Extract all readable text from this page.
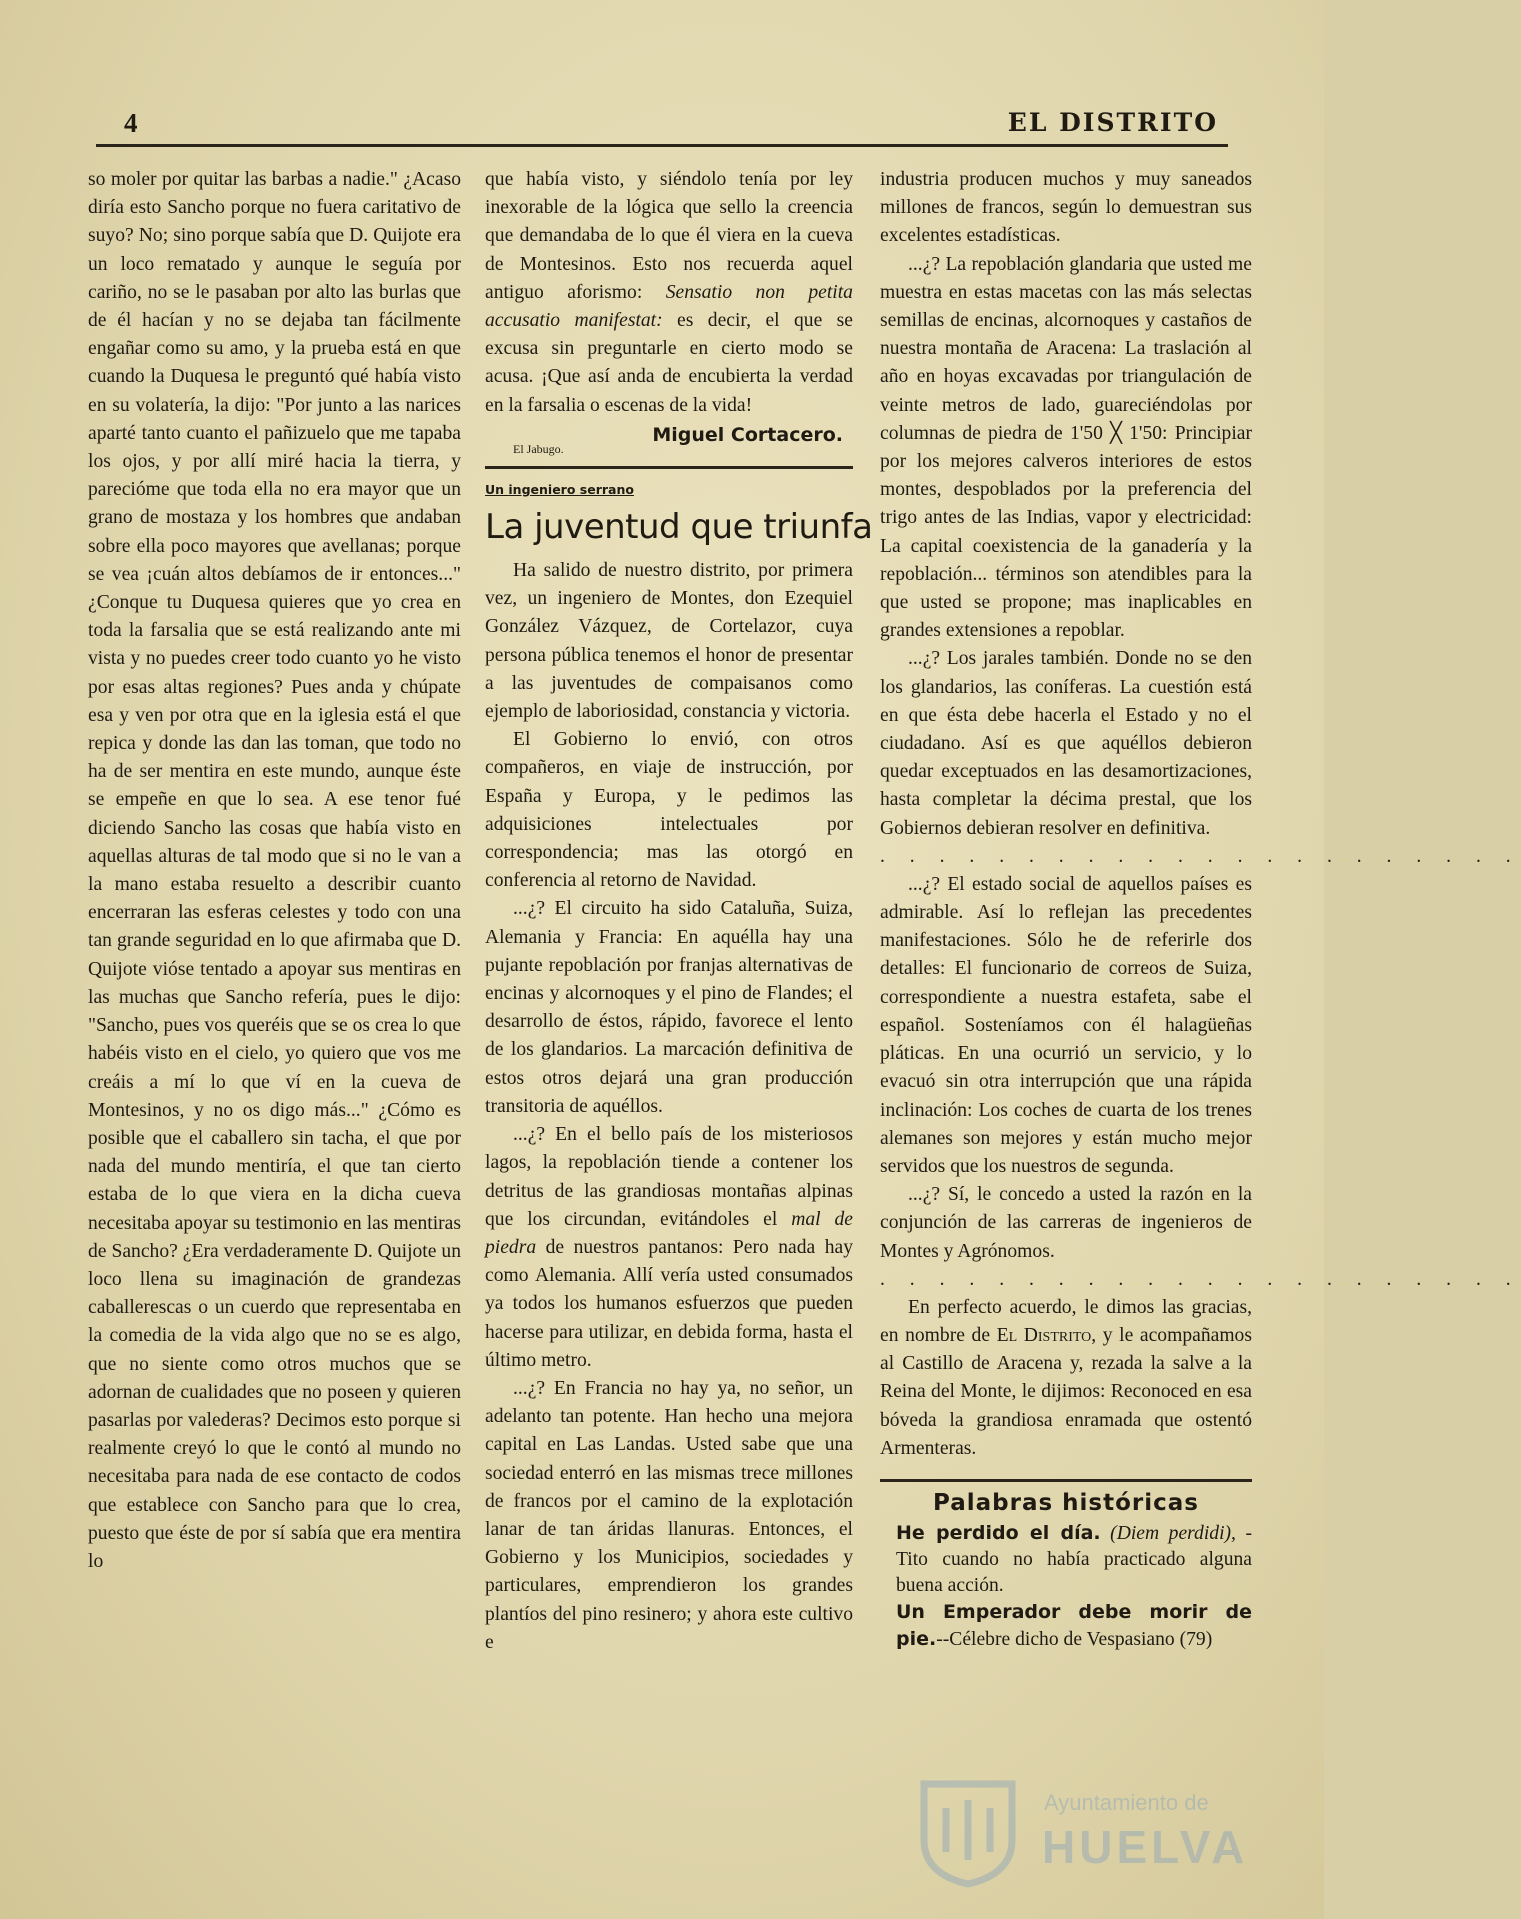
4	EL DISTRITO

so moler por quitar las barbas a nadie." ¿Acaso diría esto Sancho porque no fuera caritativo de suyo? No; sino porque sabía que D. Quijote era un loco rematado y aunque le seguía por cariño, no se le pasaban por alto las burlas que de él hacían y no se dejaba tan fácilmente engañar como su amo, y la prueba está en que cuando la Duquesa le preguntó qué había visto en su volatería, la dijo: "Por junto a las narices aparté tanto cuanto el pañizuelo que me tapaba los ojos, y por allí miré hacia la tierra, y parecióme que toda ella no era mayor que un grano de mostaza y los hombres que andaban sobre ella poco mayores que avellanas; porque se vea ¡cuán altos debíamos de ir entonces..." ¿Conque tu Duquesa quieres que yo crea en toda la farsalia que se está realizando ante mi vista y no puedes creer todo cuanto yo he visto por esas altas regiones? Pues anda y chúpate esa y ven por otra que en la iglesia está el que repica y donde las dan las toman, que todo no ha de ser mentira en este mundo, aunque éste se empeñe en que lo sea. A ese tenor fué diciendo Sancho las cosas que había visto en aquellas alturas de tal modo que si no le van a la mano estaba resuelto a describir cuanto encerraran las esferas celestes y todo con una tan grande seguridad en lo que afirmaba que D. Quijote vióse tentado a apoyar sus mentiras en las muchas que Sancho refería, pues le dijo: "Sancho, pues vos queréis que se os crea lo que habéis visto en el cielo, yo quiero que vos me creáis a mí lo que ví en la cueva de Montesinos, y no os digo más..." ¿Cómo es posible que el caballero sin tacha, el que por nada del mundo mentiría, el que tan cierto estaba de lo que viera en la dicha cueva necesitaba apoyar su testimonio en las mentiras de Sancho? ¿Era verdaderamente D. Quijote un loco llena su imaginación de grandezas caballerescas o un cuerdo que representaba en la comedia de la vida algo que no se es algo, que no siente como otros muchos que se adornan de cualidades que no poseen y quieren pasarlas por valederas? Decimos esto porque si realmente creyó lo que le contó al mundo no necesitaba para nada de ese contacto de codos que establece con Sancho para que lo crea, puesto que éste de por sí sabía que era mentira lo

que había visto, y siéndolo tenía por ley inexorable de la lógica que sello la creencia que demandaba de lo que él viera en la cueva de Montesinos. Esto nos recuerda aquel antiguo aforismo: Sensatio non petita accusatio manifestat: es decir, el que se excusa sin preguntarle en cierto modo se acusa. ¡Que así anda de encubierta la verdad en la farsalia o escenas de la vida!

Miguel Cortacero.
El Jabugo.
Un ingeniero serrano
La juventud que triunfa

Ha salido de nuestro distrito, por primera vez, un ingeniero de Montes, don Ezequiel González Vázquez, de Cortelazor, cuya persona pública tenemos el honor de presentar a las juventudes de compaisanos como ejemplo de laboriosidad, constancia y victoria.

El Gobierno lo envió, con otros compañeros, en viaje de instrucción, por España y Europa, y le pedimos las adquisiciones intelectuales por correspondencia; mas las otorgó en conferencia al retorno de Navidad.

...¿? El circuito ha sido Cataluña, Suiza, Alemania y Francia: En aquélla hay una pujante repoblación por franjas alternativas de encinas y alcornoques y el pino de Flandes; el desarrollo de éstos, rápido, favorece el lento de los glandarios. La marcación definitiva de estos otros dejará una gran producción transitoria de aquéllos.

...¿? En el bello país de los misteriosos lagos, la repoblación tiende a contener los detritus de las grandiosas montañas alpinas que los circundan, evitándoles el mal de piedra de nuestros pantanos: Pero nada hay como Alemania. Allí vería usted consumados ya todos los humanos esfuerzos que pueden hacerse para utilizar, en debida forma, hasta el último metro.

...¿? En Francia no hay ya, no señor, un adelanto tan potente. Han hecho una mejora capital en Las Landas. Usted sabe que una sociedad enterró en las mismas trece millones de francos por el camino de la explotación lanar de tan áridas llanuras. Entonces, el Gobierno y los Municipios, sociedades y particulares, emprendieron los grandes plantíos del pino resinero; y ahora este cultivo e

industria producen muchos y muy saneados millones de francos, según lo demuestran sus excelentes estadísticas.

...¿? La repoblación glandaria que usted me muestra en estas macetas con las más selectas semillas de encinas, alcornoques y castaños de nuestra montaña de Aracena: La traslación al año en hoyas excavadas por triangulación de veinte metros de lado, guareciéndolas por columnas de piedra de 1'50 ╳ 1'50: Principiar por los mejores calveros interiores de estos montes, despoblados por la preferencia del trigo antes de las Indias, vapor y electricidad: La capital coexistencia de la ganadería y la repoblación... términos son atendibles para la que usted se propone; mas inaplicables en grandes extensiones a repoblar.

...¿? Los jarales también. Donde no se den los glandarios, las coníferas. La cuestión está en que ésta debe hacerla el Estado y no el ciudadano. Así es que aquéllos debieron quedar exceptuados en las desamortizaciones, hasta completar la décima prestal, que los Gobiernos debieran resolver en definitiva.

. . . . . . . . . . . . . . . . . . . . . .

...¿? El estado social de aquellos países es admirable. Así lo reflejan las precedentes manifestaciones. Sólo he de referirle dos detalles: El funcionario de correos de Suiza, correspondiente a nuestra estafeta, sabe el español. Sosteníamos con él halagüeñas pláticas. En una ocurrió un servicio, y lo evacuó sin otra interrupción que una rápida inclinación: Los coches de cuarta de los trenes alemanes son mejores y están mucho mejor servidos que los nuestros de segunda.

...¿? Sí, le concedo a usted la razón en la conjunción de las carreras de ingenieros de Montes y Agrónomos.

. . . . . . . . . . . . . . . . . . . . . .

En perfecto acuerdo, le dimos las gracias, en nombre de El Distrito, y le acompañamos al Castillo de Aracena y, rezada la salve a la Reina del Monte, le dijimos: Reconoced en esa bóveda la grandiosa enramada que ostentó Armenteras.

Palabras históricas

He perdido el día. (Diem perdidi), - Tito cuando no había practicado alguna buena acción.

Un Emperador debe morir de pie.--Célebre dicho de Vespasiano (79)

Ayuntamiento de
HUELVA
